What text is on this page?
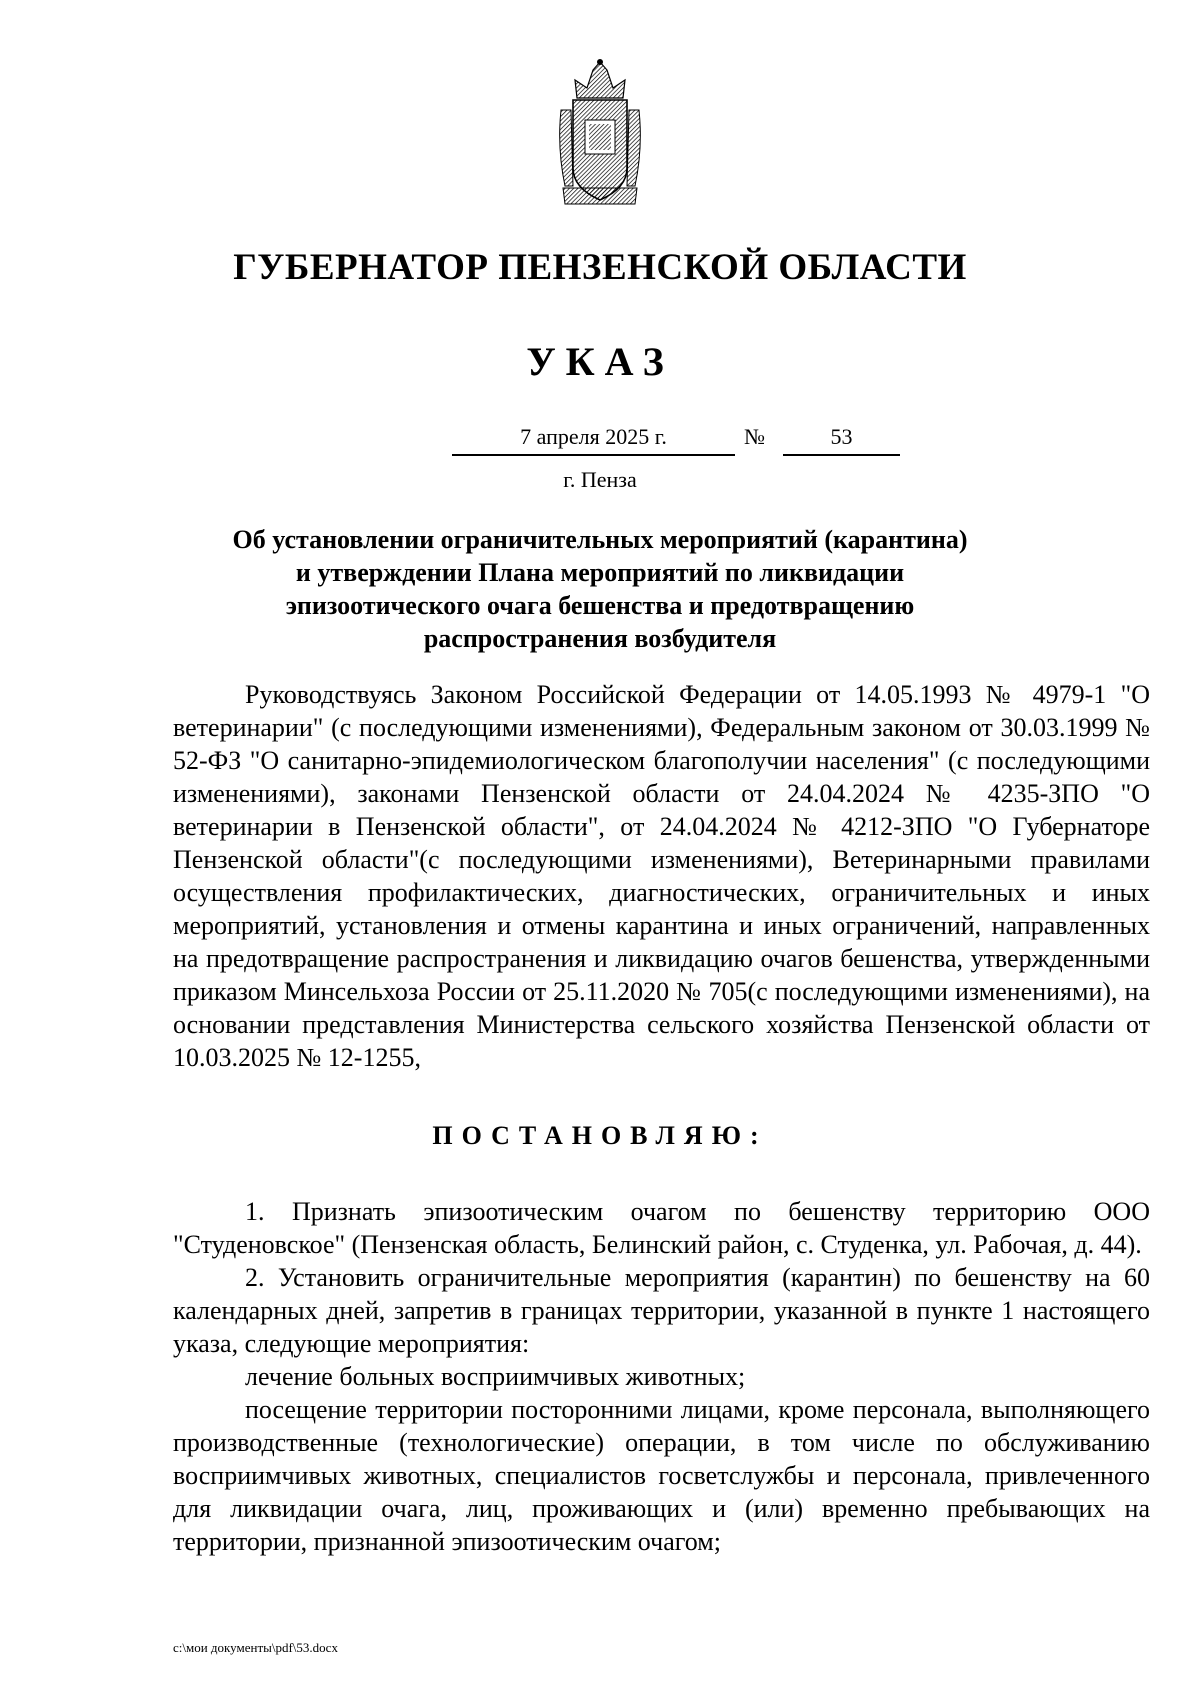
ГУБЕРНАТОР ПЕНЗЕНСКОЙ ОБЛАСТИ
УКАЗ
7 апреля 2025 г.	№	53
г. Пенза
Об установлении ограничительных мероприятий (карантина)
и утверждении Плана мероприятий по ликвидации
эпизоотического очага бешенства и предотвращению
распространения возбудителя

Руководствуясь Законом Российской Федерации от 14.05.1993 № 4979-1 "О ветеринарии" (с последующими изменениями), Федеральным законом от 30.03.1999 № 52-ФЗ "О санитарно-эпидемиологическом благополучии населения" (с последующими изменениями), законами Пензенской области от 24.04.2024 № 4235-ЗПО "О ветеринарии в Пензенской области", от 24.04.2024 № 4212-ЗПО "О Губернаторе Пензенской области"(с последующими изменениями), Ветеринарными правилами осуществления профилактических, диагностических, ограничительных и иных мероприятий, установления и отмены карантина и иных ограничений, направленных на предотвращение распространения и ликвидацию очагов бешенства, утвержденными приказом Минсельхоза России от 25.11.2020 № 705(с последующими изменениями), на основании представления Министерства сельского хозяйства Пензенской области от 10.03.2025 № 12-1255,

ПОСТАНОВЛЯЮ:

1. Признать эпизоотическим очагом по бешенству территорию ООО "Студеновское" (Пензенская область, Белинский район, с. Студенка, ул. Рабочая, д. 44).

2. Установить ограничительные мероприятия (карантин) по бешенству на 60 календарных дней, запретив в границах территории, указанной в пункте 1 настоящего указа, следующие мероприятия:

лечение больных восприимчивых животных;

посещение территории посторонними лицами, кроме персонала, выполняющего производственные (технологические) операции, в том числе по обслуживанию восприимчивых животных, специалистов госветслужбы и персонала, привлеченного для ликвидации очага, лиц, проживающих и (или) временно пребывающих на территории, признанной эпизоотическим очагом;

c:\мои документы\pdf\53.docx
